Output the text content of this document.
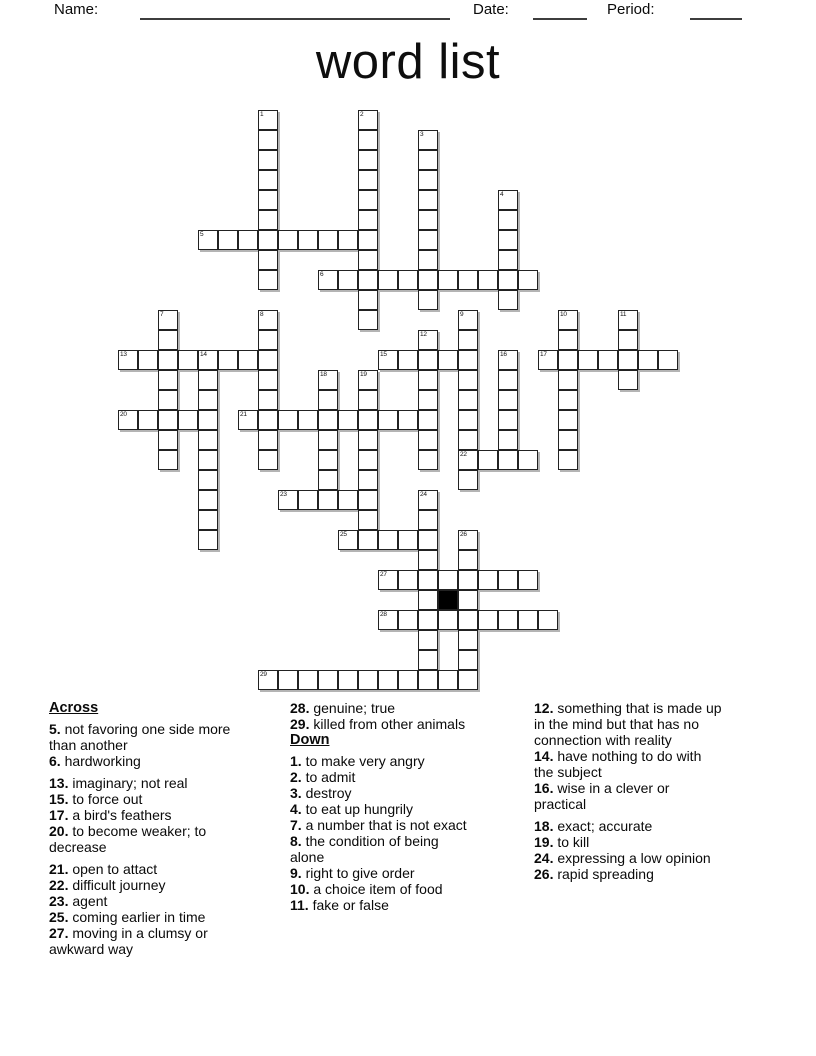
Name:	Date:	Period:
word list
1	2
3
4
5
6
7	8	9	10	11
12
13	14	15	16	17
18	19
20	21
22
23	24
25	26
27
28
29
Across
5. not favoring one side more
than another
6. hardworking
13. imaginary; not real
15. to force out
17. a bird's feathers
20. to become weaker; to
decrease
21. open to attact
22. difficult journey
23. agent
25. coming earlier in time
27. moving in a clumsy or
awkward way
28. genuine; true
29. killed from other animals
Down
1. to make very angry
2. to admit
3. destroy
4. to eat up hungrily
7. a number that is not exact
8. the condition of being
alone
9. right to give order
10. a choice item of food
11. fake or false
12. something that is made up
in the mind but that has no
connection with reality
14. have nothing to do with
the subject
16. wise in a clever or
practical
18. exact; accurate
19. to kill
24. expressing a low opinion
26. rapid spreading
